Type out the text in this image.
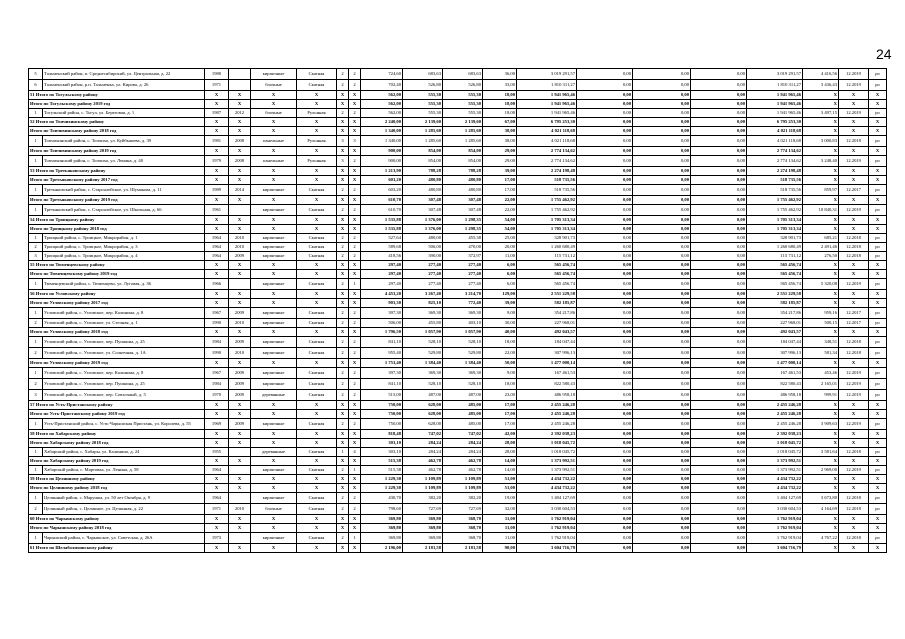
24
5	Тальменский район, п. Среднесибирский, ул. Центральная, д. 22	1980		кирпичные	Скатная	2	2	724,60	683,63	683,63	36,00	3 019 291,57	0,00	0,00	0,00	3 019 291,57	4 416,56	12.2019	ро
6	Тальменский район, р.п. Тальменка, ул. Кирова, д. 26	1971		блочные	Скатная	2	2	702,40	526,80	526,80	33,00	1 810 311,27	0,00	0,00	0,00	1 810 311,27	3 436,43	12.2019	ро
51 Итого по Тогульскому району		X	X	X	X	X	X	562,00	555,30	555,30	18,00	1 941 965,46	0,00	0,00	0,00	1 941 965,46	X	X	X
Итого по Тогульскому району 2019 год		X	X	X	X	X	X	562,00	555,30	555,30	18,00	1 941 965,46	0,00	0,00	0,00	1 941 965,46	X	X	X
1	Тогульский район, с. Тогул, ул. Береговая, д. 1	1987	2012	блочные	Рулонная	2	2	562,00	555,30	555,30	18,00	1 941 965,46	0,00	0,00	0,00	1 941 965,46	3 497,15	12.2019	ро
52 Итого по Топчихинскому району		X	X	X	X	X	X	2 240,00	2 139,60	2 139,60	67,00	6 795 253,30	0,00	0,00	0,00	6 795 253,30	X	X	X
Итого по Топчихинскому району 2018 год		X	X	X	X	X	X	1 340,00	1 285,60	1 285,60	38,00	4 021 118,68	0,00	0,00	0,00	4 021 118,68	X	X	X
1	Топчихинский район, с. Топчиха, ул. Куйбышева, д. 39	1981	2008	панельные	Рулонная	3	3	1 340,00	1 285,60	1 285,60	38,00	4 021 118,68	0,00	0,00	0,00	4 021 118,68	3 000,83	12.2018	ро
Итого по Топчихинскому району 2019 год		X	X	X	X	X	X	900,00	854,00	854,00	29,00	2 774 134,62	0,00	0,00	0,00	2 774 134,62	X	X	X
1	Топчихинский район, с. Топчиха, ул. Ленина, д. 40	1979	2008	панельные	Рулонная	3	2	900,00	854,00	854,00	29,00	2 774 134,62	0,00	0,00	0,00	2 774 134,62	3 248,40	12.2019	ро
53 Итого по Третьяковскому району		X	X	X	X	X	X	1 213,90	788,28	788,28	39,00	2 274 198,48	0,00	0,00	0,00	2 274 198,48	X	X	X
Итого по Третьяковскому району 2017 год		X	X	X	X	X	X	603,20	480,80	480,80	17,00	518 735,56	0,00	0,00	0,00	518 735,56	X	X	X
1	Третьяковский район, с. Староалейское, ул. Шумакова, д. 11	1989	2014	кирпичные	Скатная	2	2	603,20	480,80	480,80	17,00	518 735,56	0,00	0,00	0,00	518 735,56	859,97	12.2017	ро
Итого по Третьяковскому району 2019 год		X	X	X	X	X	X	610,70	307,48	307,48	22,00	1 755 462,92	0,00	0,00	0,00	1 755 462,92	X	X	X
1	Третьяковский район, с. Староалейское, ул. Школьная, д. 66	1961		кирпичные	Скатная	2	2	610,70	307,48	307,48	22,00	1 755 462,92	0,00	0,00	0,00	1 755 462,92	10 840,31	12.2019	ро
54 Итого по Троицкому району		X	X	X	X	X	X	1 535,88	1 376,00	1 298,35	54,00	1 705 313,34	0,00	0,00	0,00	1 705 313,34	X	X	X
Итого по Троицкому району 2018 год		X	X	X	X	X	X	1 535,88	1 376,00	1 298,35	54,00	1 705 313,34	0,00	0,00	0,00	1 705 313,34	X	X	X
1	Троицкий район, с. Троицкое, Микрорайон, д. 1	1964	2010	кирпичные	Скатная	2	2	527,64	480,00	455,38	25,00	328 901,73	0,00	0,00	0,00	328 901,73	685,21	12.2018	ро
2	Троицкий район, с. Троицкое, Микрорайон, д. 3	1964	2010	кирпичные	Скатная	2	2	589,68	506,00	470,00	20,00	1 260 680,49	0,00	0,00	0,00	1 260 680,49	2 491,46	12.2018	ро
3	Троицкий район, с. Троицкое, Микрорайон, д. 4	1964	2009	кирпичные	Скатная	2	2	418,56	390,00	372,97	11,00	115 731,12	0,00	0,00	0,00	115 731,12	276,50	12.2018	ро
55 Итого по Тюменцевскому району		X	X	X	X	X	X	297,40	277,40	277,40	6,00	565 456,74	0,00	0,00	0,00	565 456,74	X	X	X
Итого по Тюменцевскому району 2019 год		X	X	X	X	X	X	297,40	277,40	277,40	6,00	565 456,74	0,00	0,00	0,00	565 456,74	X	X	X
1	Тюменцевский район, с. Тюменцево, ул. Луговая, д. 36	1966		кирпичные	Скатная	2	1	297,40	277,40	277,40	6,00	565 456,74	0,00	0,00	0,00	565 456,74	5 320,08	12.2019	ро
56 Итого по Угловскому району		X	X	X	X	X	X	4 453,20	3 267,40	3 214,70	129,00	2 551 229,58	0,00	0,00	0,00	2 551 229,58	X	X	X
Итого по Угловскому району 2017 год		X	X	X	X	X	X	903,30	825,10	772,40	39,00	582 185,87	0,00	0,00	0,00	582 185,87	X	X	X
1	Угловский район, с. Угловское, пер. Калинина, д. 8	1967	2009	кирпичные	Скатная	2	2	397,30	369,30	369,30	9,00	354 217,86	0,00	0,00	0,00	354 217,86	959,16	12.2017	ро
2	Угловский район, с. Угловское, ул. Степная, д. 1	1990	2010	кирпичные	Скатная	2	2	506,00	455,80	403,10	30,00	227 968,01	0,00	0,00	0,00	227 968,01	500,15	12.2017	ро
Итого по Угловскому району 2018 год		X	X	X	X	X	X	1 796,50	1 057,90	1 057,90	40,00	492 043,57	0,00	0,00	0,00	492 043,57	X	X	X
1	Угловский район, с. Угловское, пер. Пушкина, д. 25	1984	2009	кирпичные	Скатная	2	2	841,10	528,10	528,10	18,00	184 047,44	0,00	0,00	0,00	184 047,44	348,51	12.2018	ро
2	Угловский район, с. Угловское, ул. Солнечная, д. 1А	1990	2010	кирпичные	Скатная	2	2	955,40	529,80	529,80	22,00	307 996,13	0,00	0,00	0,00	307 996,13	581,34	12.2018	ро
Итого по Угловскому району 2019 год		X	X	X	X	X	X	1 753,40	1 384,40	1 384,40	50,00	1 477 000,14	0,00	0,00	0,00	1 477 000,14	X	X	X
1	Угловский район, с. Угловское, пер. Калинина, д. 8	1967	2009	кирпичные	Скатная	2	2	397,30	369,30	369,30	9,00	167 461,53	0,00	0,00	0,00	167 461,53	453,46	12.2019	ро
2	Угловский район, с. Угловское, пер. Пушкина, д. 25	1984	2009	кирпичные	Скатная	2	2	841,10	528,10	528,10	18,00	822 580,43	0,00	0,00	0,00	822 580,43	2 165,01	12.2019	ро
3	Угловский район, с. Угловское, пер. Совхозный, д. 5	1970	2009	деревянные	Скатная	2	2	515,00	487,00	487,00	23,00	486 958,18	0,00	0,00	0,00	486 958,18	999,91	12.2019	ро
57 Итого по Усть-Пристанскому району		X	X	X	X	X	X	750,00	628,00	485,00	17,00	2 455 246,28	0,00	0,00	0,00	2 455 246,28	X	X	X
Итого по Усть-Пристанскому району 2019 год		X	X	X	X	X	X	750,00	628,00	485,00	17,00	2 455 246,28	0,00	0,00	0,00	2 455 246,28	X	X	X
1	Усть-Пристанский район, с. Усть-Чарышская Пристань, ул. Королева, д. 55	1969	2009	кирпичные	Скатная	2	2	750,00	628,00	485,00	17,00	2 455 246,28	0,00	0,00	0,00	2 455 246,28	3 909,63	12.2019	ро
58 Итого по Хабарскому району		X	X	X	X	X	X	818,48	747,02	747,02	42,00	2 392 038,23	0,00	0,00	0,00	2 392 038,23	X	X	X
Итого по Хабарскому району 2018 год		X	X	X	X	X	X	303,10	284,24	284,24	28,00	1 018 045,72	0,00	0,00	0,00	1 018 045,72	X	X	X
1	Хабарский район, с. Хабары, ул. Калинина, д. 24	1955		деревянные	Скатная	1	4	303,10	284,24	284,24	28,00	1 018 045,72	0,00	0,00	0,00	1 018 045,72	3 581,64	12.2018	ро
Итого по Хабарскому району 2019 год		X	X	X	X	X	X	515,38	462,78	462,78	14,00	1 373 992,51	0,00	0,00	0,00	1 373 992,51	X	X	X
1	Хабарский район, с. Мартовка, ул. Ленина, д. 58	1964		кирпичные	Скатная	2	1	515,38	462,78	462,78	14,00	1 373 992,51	0,00	0,00	0,00	1 373 992,51	2 969,00	12.2019	ро
59 Итого по Целинному району		X	X	X	X	X	X	1 229,30	1 109,89	1 109,89	51,00	4 434 732,22	0,00	0,00	0,00	4 434 732,22	X	X	X
Итого по Целинному району 2018 год		X	X	X	X	X	X	1 229,30	1 109,89	1 109,89	51,00	4 434 732,22	0,00	0,00	0,00	4 434 732,22	X	X	X
1	Целинный район, с. Марушка, ул. 50 лет Октября, д. 9	1964		кирпичные	Скатная	2	2	430,70	382,20	382,20	19,00	1 404 127,69	0,00	0,00	0,00	1 404 127,69	3 673,80	12.2018	ро
2	Целинный район, с. Целинное, ул. Целинная, д. 22	1971	2010	блочные	Скатная	2	2	798,60	727,69	727,69	32,00	3 030 604,53	0,00	0,00	0,00	3 030 604,53	4 164,69	12.2018	ро
60 Итого по Чарышскому району		X	X	X	X	X	X	369,80	369,80	368,70	11,00	1 762 919,04	0,00	0,00	0,00	1 762 919,04	X	X	X
Итого по Чарышскому району 2018 год		X	X	X	X	X	X	369,80	369,80	368,70	11,00	1 762 919,04	0,00	0,00	0,00	1 762 919,04	X	X	X
1	Чарышский район, с. Чарышское, ул. Советская, д. 26А	1973		кирпичные	Скатная	2	1	369,80	369,80	368,70	11,00	1 762 919,04	0,00	0,00	0,00	1 762 919,04	4 767,22	12.2018	ро
61 Итого по Шелаболихинскому району		X	X	X	X	X	X	2 196,00	2 181,58	2 181,58	90,00	3 604 716,79	0,00	0,00	0,00	3 604 716,79	X	X	X
